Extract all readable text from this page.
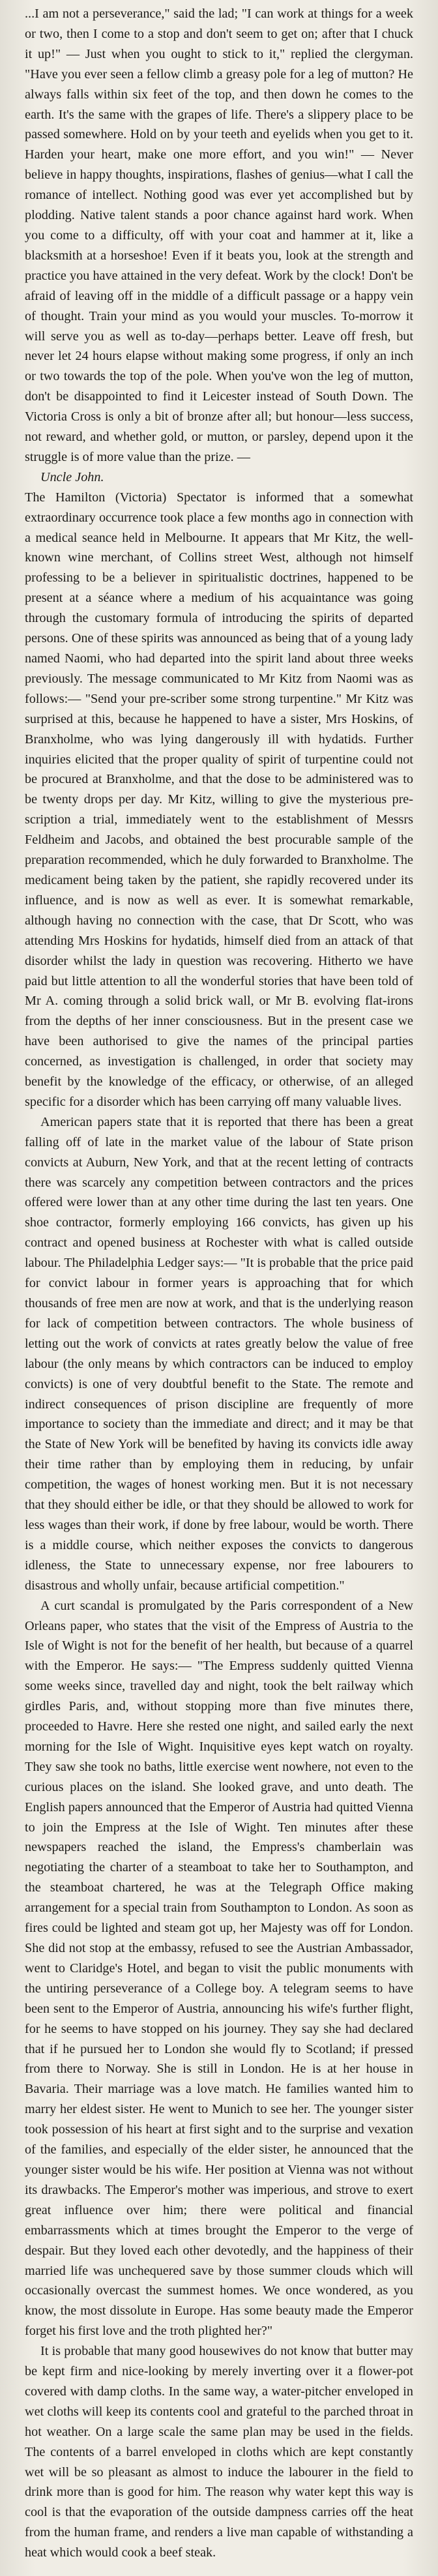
...I am not a perseverance," said the lad; "I can work at things for a week or two, then I come to a stop and don't seem to get on; after that I chuck it up!" — Just when you ought to stick to it," replied the clergyman. "Have you ever seen a fellow climb a greasy pole for a leg of mutton? He always falls within six feet of the top, and then down he comes to the earth. It's the same with the grapes of life. There's a slippery place to be passed somewhere. Hold on by your teeth and eyelids when you get to it. Harden your heart, make one more effort, and you win!" — Never believe in happy thoughts, inspirations, flashes of genius—what I call the romance of intellect. Nothing good was ever yet accomplished but by plodding. Native talent stands a poor chance against hard work. When you come to a difficulty, off with your coat and hammer at it, like a blacksmith at a horseshoe! Even if it beats you, look at the strength and practice you have attained in the very defeat. Work by the clock! Don't be afraid of leaving off in the middle of a difficult passage or a happy vein of thought. Train your mind as you would your muscles. To-morrow it will serve you as well as to-day—perhaps better. Leave off fresh, but never let 24 hours elapse without making some progress, if only an inch or two towards the top of the pole. When you've won the leg of mutton, don't be disappointed to find it Leicester instead of South Down. The Victoria Cross is only a bit of bronze after all; but honour—less success, not reward, and whether gold, or mutton, or parsley, depend upon it the struggle is of more value than the prize. —

Uncle John.

The Hamilton (Victoria) Spectator is informed that a somewhat extraordinary occurrence took place a few months ago in connection with a medical seance held in Melbourne. It appears that Mr Kitz, the well-known wine merchant, of Collins street West, although not himself professing to be a believer in spiritualistic doctrines, happened to be present at a séance where a medium of his acquaintance was going through the customary formula of introducing the spirits of departed persons. One of these spirits was announced as being that of a young lady named Naomi, who had departed into the spirit land about three weeks previously. The message communicated to Mr Kitz from Naomi was as follows:— "Send your pre-scriber some strong turpentine." Mr Kitz was surprised at this, because he happened to have a sister, Mrs Hoskins, of Branxholme, who was lying dangerously ill with hydatids. Further inquiries elicited that the proper quality of spirit of turpentine could not be procured at Branxholme, and that the dose to be administered was to be twenty drops per day. Mr Kitz, willing to give the mysterious pre-scription a trial, immediately went to the establishment of Messrs Feldheim and Jacobs, and obtained the best procurable sample of the preparation recommended, which he duly forwarded to Branxholme. The medicament being taken by the patient, she rapidly recovered under its influence, and is now as well as ever. It is somewhat remarkable, although having no connection with the case, that Dr Scott, who was attending Mrs Hoskins for hydatids, himself died from an attack of that disorder whilst the lady in question was recovering. Hitherto we have paid but little attention to all the wonderful stories that have been told of Mr A. coming through a solid brick wall, or Mr B. evolving flat-irons from the depths of her inner consciousness. But in the present case we have been authorised to give the names of the principal parties concerned, as investigation is challenged, in order that society may benefit by the knowledge of the efficacy, or otherwise, of an alleged specific for a disorder which has been carrying off many valuable lives.

American papers state that it is reported that there has been a great falling off of late in the market value of the labour of State prison convicts at Auburn, New York, and that at the recent letting of contracts there was scarcely any competition between contractors and the prices offered were lower than at any other time during the last ten years. One shoe contractor, formerly employing 166 convicts, has given up his contract and opened business at Rochester with what is called outside labour. The Philadelphia Ledger says:— "It is probable that the price paid for convict labour in former years is approaching that for which thousands of free men are now at work, and that is the underlying reason for lack of competition between contractors. The whole business of letting out the work of convicts at rates greatly below the value of free labour (the only means by which contractors can be induced to employ convicts) is one of very doubtful benefit to the State. The remote and indirect consequences of prison discipline are frequently of more importance to society than the immediate and direct; and it may be that the State of New York will be benefited by having its convicts idle away their time rather than by employing them in reducing, by unfair competition, the wages of honest working men. But it is not necessary that they should either be idle, or that they should be allowed to work for less wages than their work, if done by free labour, would be worth. There is a middle course, which neither exposes the convicts to dangerous idleness, the State to unnecessary expense, nor free labourers to disastrous and wholly unfair, because artificial competition."

A curt scandal is promulgated by the Paris correspondent of a New Orleans paper, who states that the visit of the Empress of Austria to the Isle of Wight is not for the benefit of her health, but because of a quarrel with the Emperor. He says:— "The Empress suddenly quitted Vienna some weeks since, travelled day and night, took the belt railway which girdles Paris, and, without stopping more than five minutes there, proceeded to Havre. Here she rested one night, and sailed early the next morning for the Isle of Wight. Inquisitive eyes kept watch on royalty. They saw she took no baths, little exercise went nowhere, not even to the curious places on the island. She looked grave, and unto death. The English papers announced that the Emperor of Austria had quitted Vienna to join the Empress at the Isle of Wight. Ten minutes after these newspapers reached the island, the Empress's chamberlain was negotiating the charter of a steamboat to take her to Southampton, and the steamboat chartered, he was at the Telegraph Office making arrangement for a special train from Southampton to London. As soon as fires could be lighted and steam got up, her Majesty was off for London. She did not stop at the embassy, refused to see the Austrian Ambassador, went to Claridge's Hotel, and began to visit the public monuments with the untiring perseverance of a College boy. A telegram seems to have been sent to the Emperor of Austria, announcing his wife's further flight, for he seems to have stopped on his journey. They say she had declared that if he pursued her to London she would fly to Scotland; if pressed from there to Norway. She is still in London. He is at her house in Bavaria. Their marriage was a love match. He families wanted him to marry her eldest sister. He went to Munich to see her. The younger sister took possession of his heart at first sight and to the surprise and vexation of the families, and especially of the elder sister, he announced that the younger sister would be his wife. Her position at Vienna was not without its drawbacks. The Emperor's mother was imperious, and strove to exert great influence over him; there were political and financial embarrassments which at times brought the Emperor to the verge of despair. But they loved each other devotedly, and the happiness of their married life was unchequered save by those summer clouds which will occasionally overcast the summest homes. We once wondered, as you know, the most dissolute in Europe. Has some beauty made the Emperor forget his first love and the troth plighted her?"

It is probable that many good housewives do not know that butter may be kept firm and nice-looking by merely inverting over it a flower-pot covered with damp cloths. In the same way, a water-pitcher enveloped in wet cloths will keep its contents cool and grateful to the parched throat in hot weather. On a large scale the same plan may be used in the fields. The contents of a barrel enveloped in cloths which are kept constantly wet will be so pleasant as almost to induce the labourer in the field to drink more than is good for him. The reason why water kept this way is cool is that the evaporation of the outside dampness carries off the heat from the human frame, and renders a live man capable of withstanding a heat which would cook a beef steak.
